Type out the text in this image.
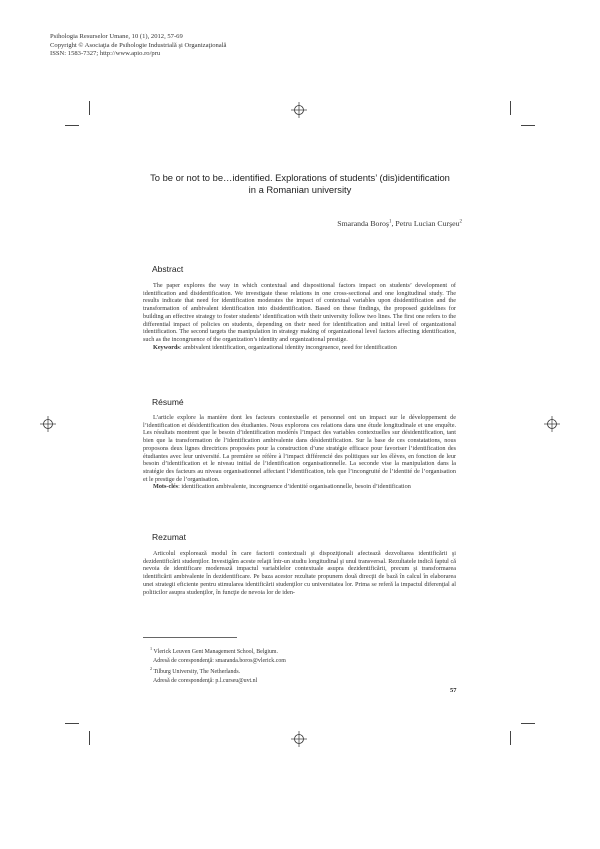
Psihologia Resurselor Umane, 10 (1), 2012, 57-69
Copyright © Asociaţia de Psihologie Industrială şi Organizaţională
ISSN: 1583-7327; http://www.apio.ro/pru
To be or not to be…identified. Explorations of students’ (dis)identification
in a Romanian university
Smaranda Boroş$^1$, Petru Lucian Curşeu$^2$
Abstract

The paper explores the way in which contextual and dispositional factors impact on students’ development of identification and disidentification. We investigate these relations in one cross-sectional and one longitudinal study. The results indicate that need for identification moderates the impact of contextual variables upon disidentification and the transformation of ambivalent identification into disidentification. Based on these findings, the proposed guidelines for building an effective strategy to foster students’ identification with their university follow two lines. The first one refers to the differential impact of policies on students, depending on their need for identification and initial level of organizational identification. The second targets the manipulation in strategy making of organizational level factors affecting identification, such as the incongruence of the organization’s identity and organizational prestige.

Keywords: ambivalent identification, organizational identity incongruence, need for identification

Résumé

L’article explore la manière dont les facteurs contextuelle et personnel ont un impact sur le développement de l’identification et désidentification des étudiantes. Nous explorons ces relations dans une étude longitudinale et une enquête. Les résultats montrent que le besoin d’identification modérés l’impact des variables contextuelles sur désidentification, tant bien que la transformation de l’identification ambivalente dans désidentification. Sur la base de ces constatations, nous proposons deux lignes directrices proposées pour la construction d’une stratégie efficace pour favoriser l’identification des étudiantes avec leur université. La première se réfère à l’impact différencié des politiques sur les élèves, en fonction de leur besoin d’identification et le niveau initial de l’identification organisationnelle. La seconde vise la manipulation dans la stratégie des facteurs au niveau organisationnel affectant l’identification, tels que l’incongruité de l’identité de l’organisation et le prestige de l’organisation.

Mots-clés: identification ambivalente, incongruence d’identité organisationnelle, besoin d’identification

Rezumat

Articolul explorează modul în care factorii contextuali şi dispoziţionali afectează dezvoltarea identificării şi dezidentificării studenţilor. Investigăm aceste relaţii într-un studiu longitudinal şi unul transversal. Rezultatele indică faptul că nevoia de identificare moderează impactul variabilelor contextuale asupra dezidentificării, precum şi transformarea identificării ambivalente în dezidentificare. Pe baza acestor rezultate propunem două direcţii de bază în calcul în elaborarea unei strategii eficiente pentru stimularea identificării studenţilor cu universitatea lor. Prima se referă la impactul diferenţial al politicilor asupra studenţilor, în funcţie de nevoia lor de iden-

$^1$ Vlerick Leuven Gent Management School, Belgium.
Adresă de corespondenţă: smaranda.boros@vlerick.com
$^2$ Tilburg University, The Netherlands.
Adresă de corespondenţă: p.l.curseu@uvt.nl
57
